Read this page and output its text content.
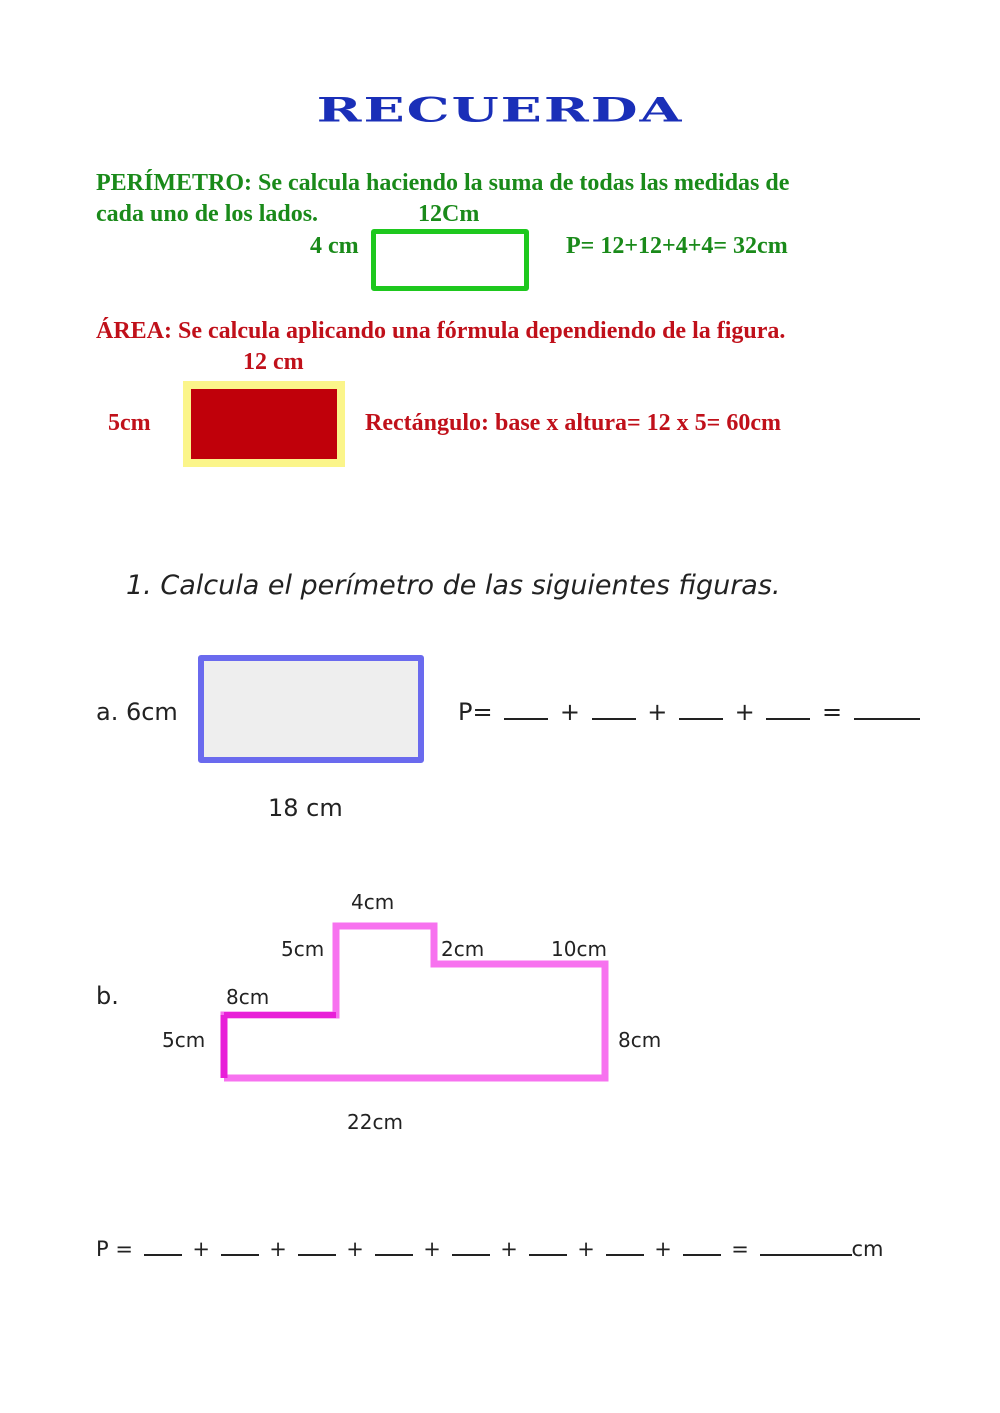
RECUERDA
PERÍMETRO: Se calcula haciendo la suma de todas las medidas de
cada uno de los lados.	12Cm
4 cm	P= 12+12+4+4= 32cm
ÁREA: Se calcula aplicando una fórmula dependiendo de la figura.
12 cm
5cm	Rectángulo: base x altura= 12 x 5= 60cm
1. Calcula el perímetro de las siguientes figuras.
a. 6cm
18 cm
P=	+	+	+	=
b.
4cm
5cm	2cm	10cm
8cm
5cm	8cm
22cm
P =	+	+	+	+	+	+	+	=	cm
